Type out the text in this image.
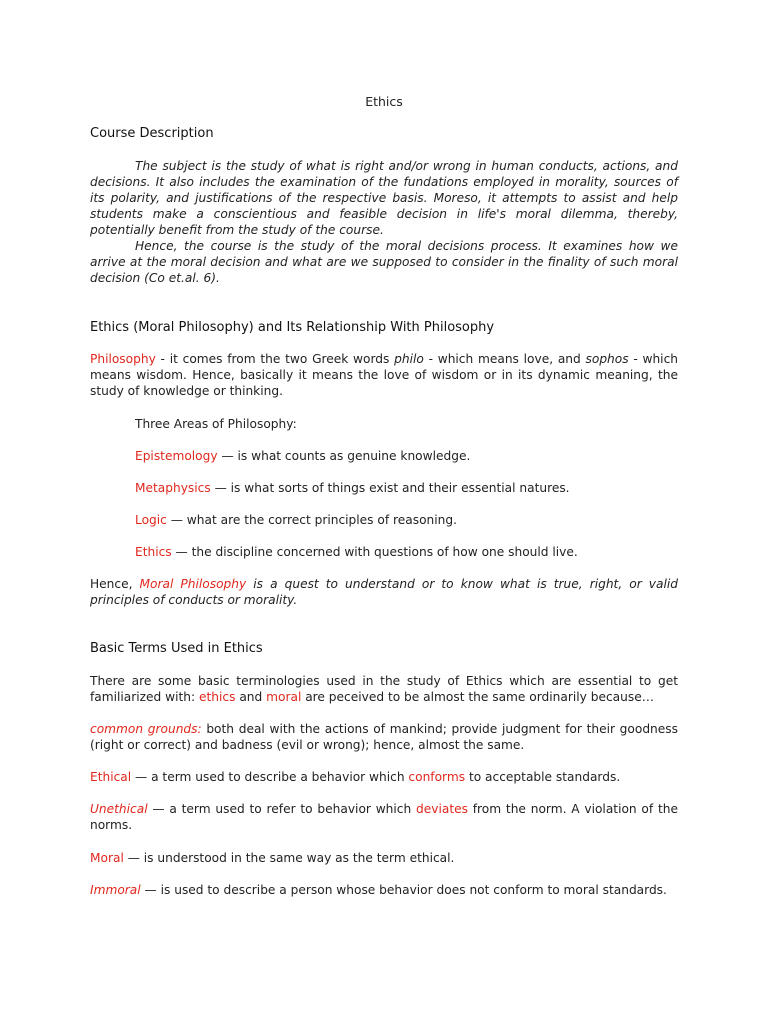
Ethics
Course Description

The subject is the study of what is right and/or wrong in human conducts, actions, and decisions. It also includes the examination of the fundations employed in morality, sources of its polarity, and justifications of the respective basis. Moreso, it attempts to assist and help students make a conscientious and feasible decision in life's moral dilemma, thereby, potentially benefit from the study of the course.

Hence, the course is the study of the moral decisions process. It examines how we arrive at the moral decision and what are we supposed to consider in the finality of such moral decision (Co et.al. 6).

Ethics (Moral Philosophy) and Its Relationship With Philosophy

Philosophy - it comes from the two Greek words philo - which means love, and sophos - which means wisdom. Hence, basically it means the love of wisdom or in its dynamic meaning, the study of knowledge or thinking.

Three Areas of Philosophy:

Epistemology — is what counts as genuine knowledge.

Metaphysics — is what sorts of things exist and their essential natures.

Logic — what are the correct principles of reasoning.

Ethics — the discipline concerned with questions of how one should live.

Hence, Moral Philosophy is a quest to understand or to know what is true, right, or valid principles of conducts or morality.

Basic Terms Used in Ethics

There are some basic terminologies used in the study of Ethics which are essential to get familiarized with: ethics and moral are peceived to be almost the same ordinarily because…

common grounds: both deal with the actions of mankind; provide judgment for their goodness (right or correct) and badness (evil or wrong); hence, almost the same.

Ethical — a term used to describe a behavior which conforms to acceptable standards.

Unethical — a term used to refer to behavior which deviates from the norm. A violation of the norms.

Moral — is understood in the same way as the term ethical.

Immoral — is used to describe a person whose behavior does not conform to moral standards.
